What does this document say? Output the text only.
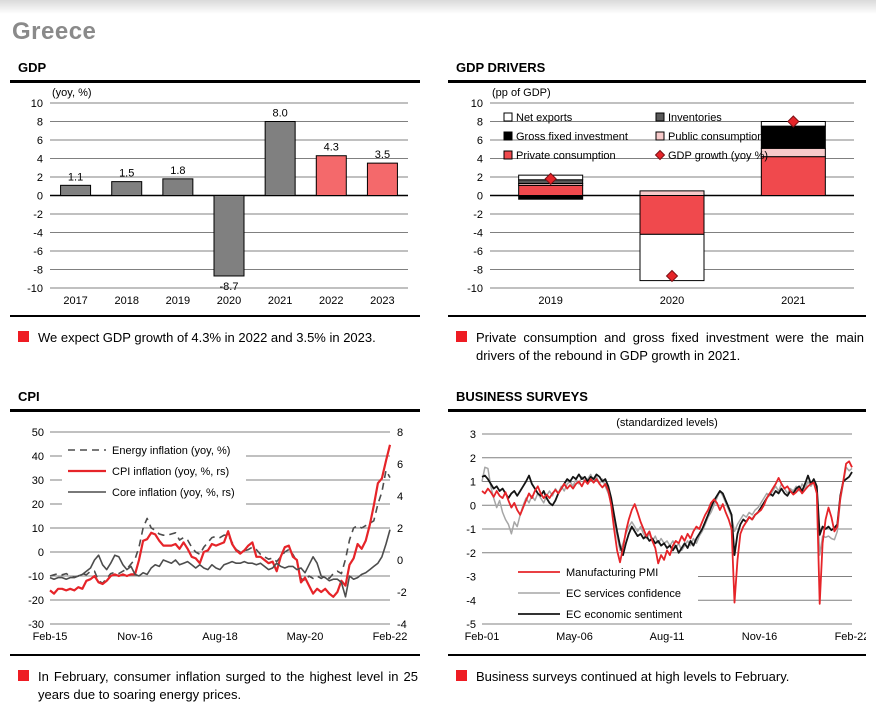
Greece
GDP
-10
-8
-6
-4
-2
0
2
4
6
8
10
(yoy, %)
1.1
2017
1.5
2018
1.8
2019
-8.7
2020
8.0
2021
4.3
2022
3.5
2023

We expect GDP growth of 4.3% in 2022 and 3.5% in 2023.

GDP DRIVERS
-10
-8
-6
-4
-2
0
2
4
6
8
10
(pp of GDP)
2019	2020	2021
Net exports	Inventories
Gross fixed investment	Public consumption
Private consumption	GDP growth (yoy %)

Private consumption and gross fixed investment were the main drivers of the rebound in GDP growth in 2021.

CPI
-30
-20
-10
0
10
20
30
40
50
-4
-2
0
2
4
6
8
Feb-15	Nov-16	Aug-18	May-20	Feb-22
Energy inflation (yoy, %)
CPI inflation (yoy, %, rs)
Core inflation (yoy, %, rs)

In February, consumer inflation surged to the highest level in 25 years due to soaring energy prices.

BUSINESS SURVEYS
-5
-4
-3
-2
-1
0
1
2
3
(standardized levels)
Feb-01	May-06	Aug-11	Nov-16	Feb-22
Manufacturing PMI
EC services confidence
EC economic sentiment

Business surveys continued at high levels to February.
